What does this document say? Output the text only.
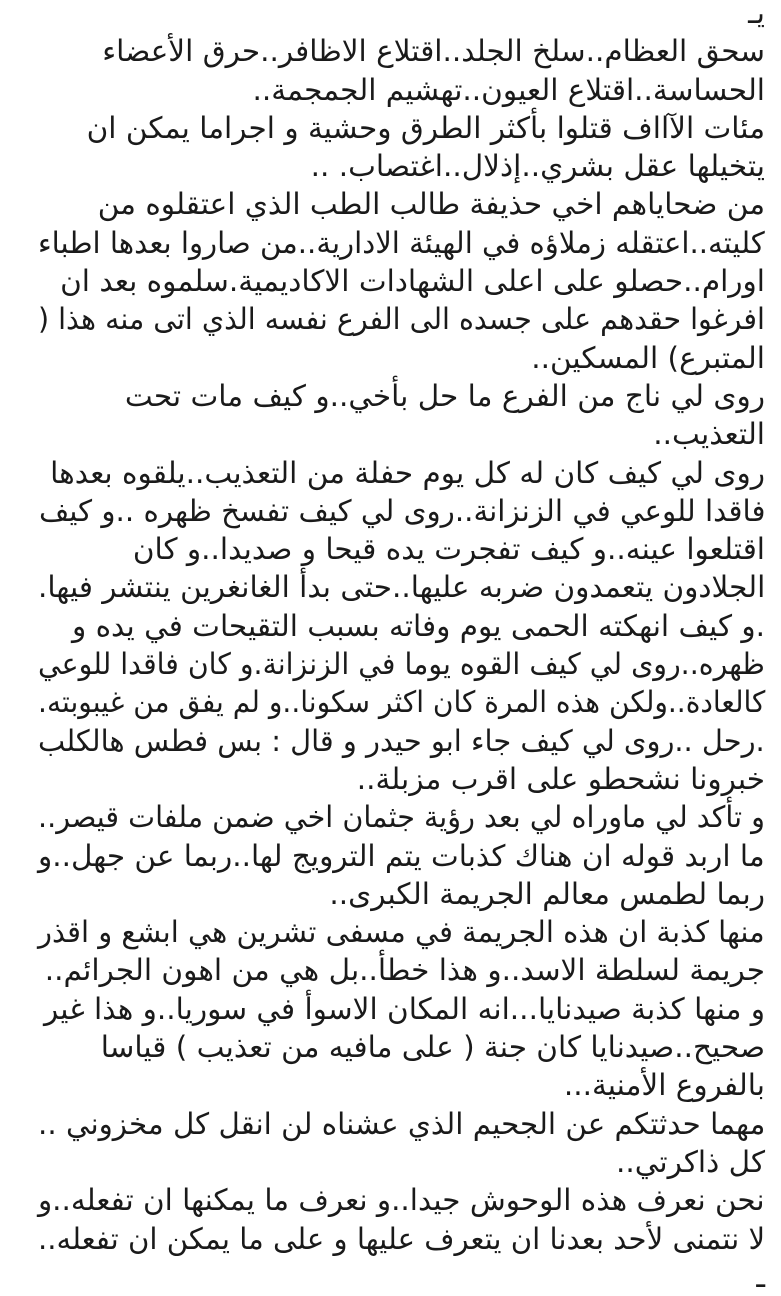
يـ
سحق العظام..سلخ الجلد..اقتلاع الاظافر..حرق الأعضاء
الحساسة..اقتلاع العيون..تهشيم الجمجمة..
مئات الآااف قتلوا بأكثر الطرق وحشية و اجراما يمكن ان
يتخيلها عقل بشري..إذلال..اغتصاب. ..
من ضحاياهم اخي حذيفة طالب الطب الذي اعتقلوه من
كليته..اعتقله زملاؤه في الهيئة الادارية..من صاروا بعدها اطباء
اورام..حصلو على اعلى الشهادات الاكاديمية.سلموه بعد ان
افرغوا حقدهم على جسده الى الفرع نفسه الذي اتى منه هذا (
المتبرع) المسكين..
روى لي ناج من الفرع ما حل بأخي..و كيف مات تحت
التعذيب..
روى لي كيف كان له كل يوم حفلة من التعذيب..يلقوه بعدها
فاقدا للوعي في الزنزانة..روى لي كيف تفسخ ظهره ..و كيف
اقتلعوا عينه..و كيف تفجرت يده قيحا و صديدا..و كان
الجلادون يتعمدون ضربه عليها..حتى بدأ الغانغرين ينتشر فيها.
.و كيف انهكته الحمى يوم وفاته بسبب التقيحات في يده و
ظهره..روى لي كيف القوه يوما في الزنزانة.و كان فاقدا للوعي
كالعادة..ولكن هذه المرة كان اكثر سكونا..و لم يفق من غيبوبته.
.رحل ..روى لي كيف جاء ابو حيدر و قال : بس فطس هالكلب
خبرونا نشحطو على اقرب مزبلة..
و تأكد لي ماوراه لي بعد رؤية جثمان اخي ضمن ملفات قيصر..
ما اربد قوله ان هناك كذبات يتم الترويج لها..ربما عن جهل..و
ربما لطمس معالم الجريمة الكبرى..
منها كذبة ان هذه الجريمة في مسفى تشرين هي ابشع و اقذر
جريمة لسلطة الاسد..و هذا خطأ..بل هي من اهون الجرائم..
و منها كذبة صيدنايا...انه المكان الاسوأ في سوريا..و هذا غير
صحيح..صيدنايا كان جنة ( على مافيه من تعذيب ) قياسا
بالفروع الأمنية...
مهما حدثتكم عن الجحيم الذي عشناه لن انقل كل مخزوني ..
كل ذاكرتي..
نحن نعرف هذه الوحوش جيدا..و نعرف ما يمكنها ان تفعله..و
لا نتمنى لأحد بعدنا ان يتعرف عليها و على ما يمكن ان تفعله..
ـ
